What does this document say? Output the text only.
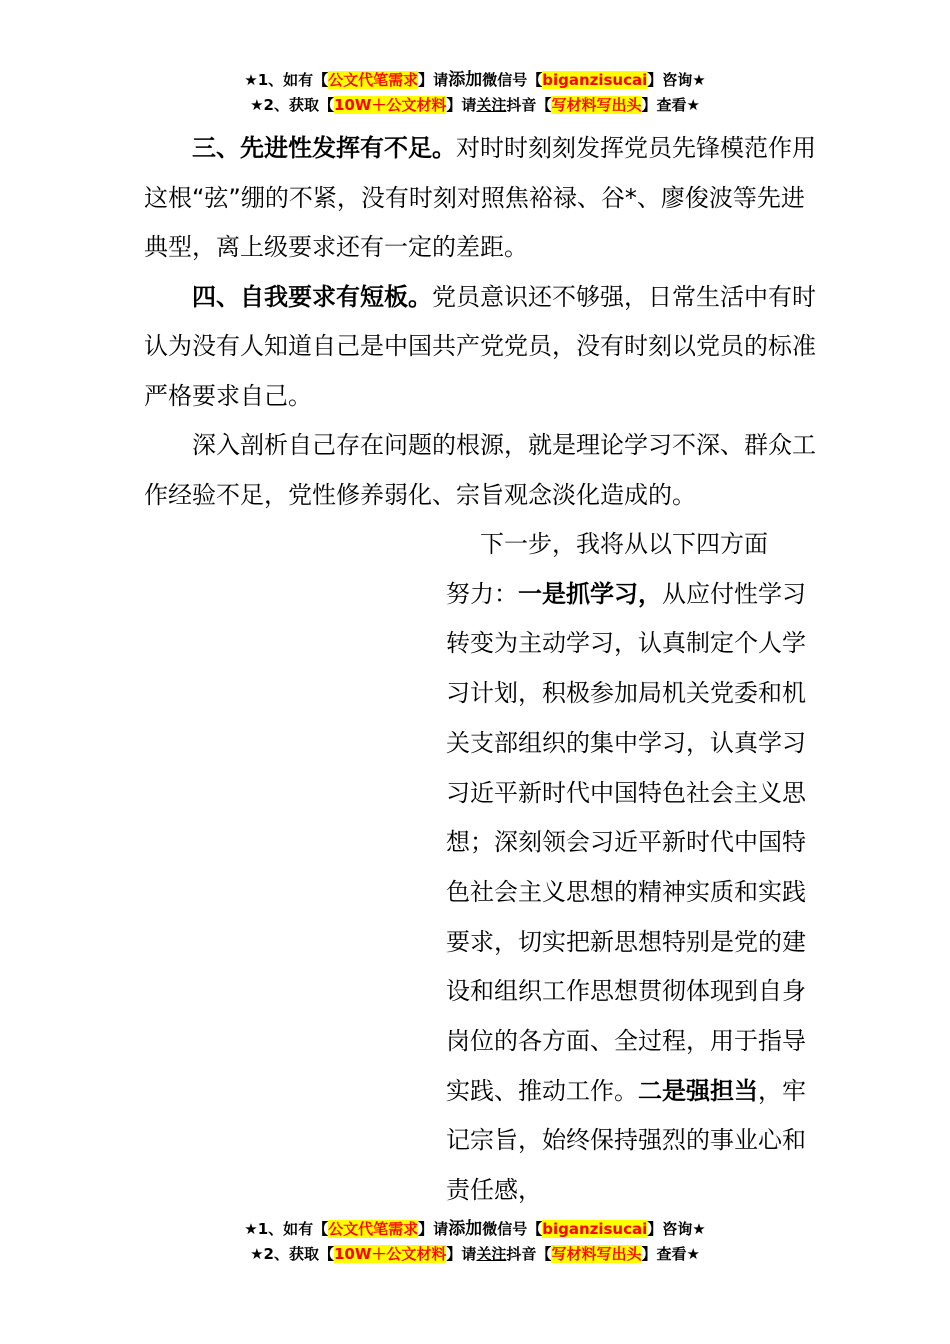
★1、如有【公文代笔需求】请添加微信号【biganzisucai】咨询★
★2、获取【10W＋公文材料】请关注抖音【写材料写出头】查看★

三、先进性发挥有不足。对时时刻刻发挥党员先锋模范作用这根“弦”绷的不紧，没有时刻对照焦裕禄、谷*、廖俊波等先进典型，离上级要求还有一定的差距。

四、自我要求有短板。党员意识还不够强，日常生活中有时认为没有人知道自己是中国共产党党员，没有时刻以党员的标准严格要求自己。

深入剖析自己存在问题的根源，就是理论学习不深、群众工作经验不足，党性修养弱化、宗旨观念淡化造成的。

下一步，我将从以下四方面

努力：一是抓学习，从应付性学习转变为主动学习，认真制定个人学习计划，积极参加局机关党委和机关支部组织的集中学习，认真学习习近平新时代中国特色社会主义思想；深刻领会习近平新时代中国特色社会主义思想的精神实质和实践要求，切实把新思想特别是党的建设和组织工作思想贯彻体现到自身岗位的各方面、全过程，用于指导实践、推动工作。二是强担当，牢记宗旨，始终保持强烈的事业心和责任感，

★1、如有【公文代笔需求】请添加微信号【biganzisucai】咨询★
★2、获取【10W＋公文材料】请关注抖音【写材料写出头】查看★
